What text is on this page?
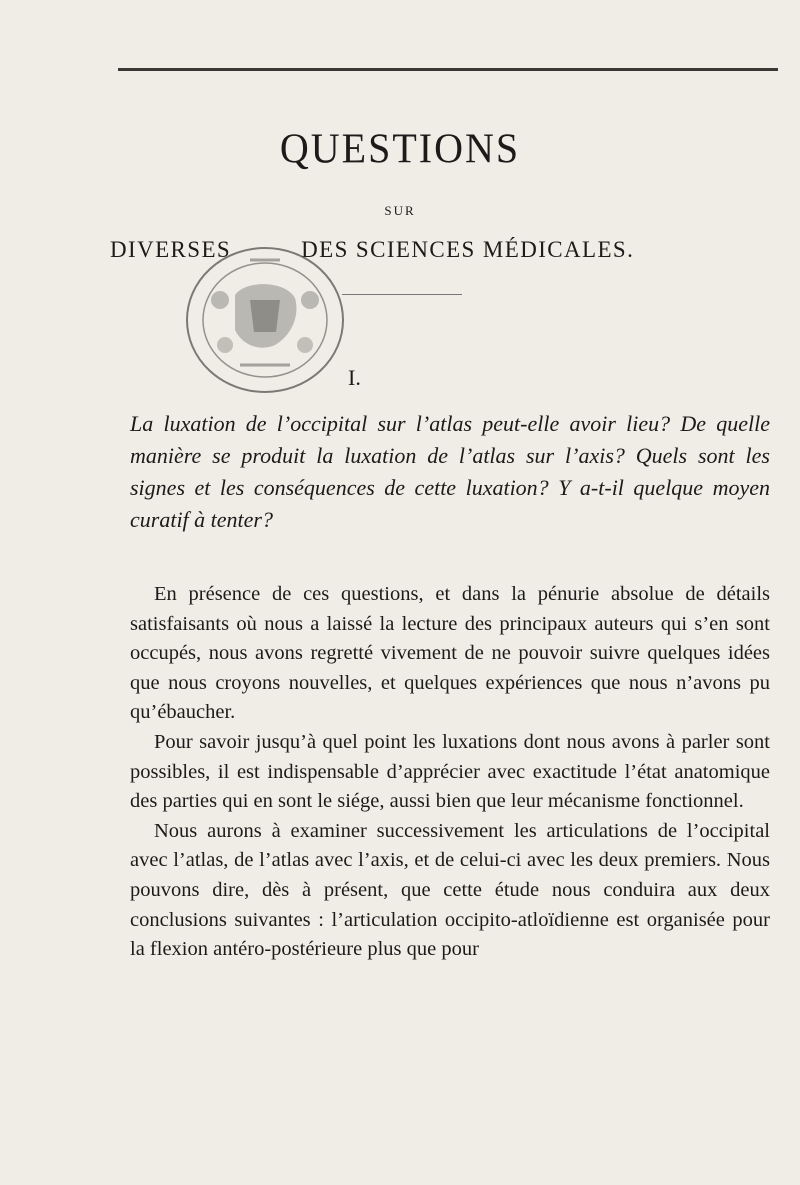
QUESTIONS
SUR
DIVERSES	DES SCIENCES MÉDICALES.
I.
La luxation de l’occipital sur l’atlas peut-elle avoir lieu? De quelle manière se produit la luxation de l’atlas sur l’axis? Quels sont les signes et les conséquences de cette luxation? Y a-t-il quelque moyen curatif à tenter?

En présence de ces questions, et dans la pénurie absolue de détails satisfaisants où nous a laissé la lecture des principaux auteurs qui s’en sont occupés, nous avons regretté vivement de ne pouvoir suivre quelques idées que nous croyons nouvelles, et quelques expériences que nous n’avons pu qu’ébaucher.

Pour savoir jusqu’à quel point les luxations dont nous avons à parler sont possibles, il est indispensable d’apprécier avec exactitude l’état anatomique des parties qui en sont le siége, aussi bien que leur mécanisme fonctionnel.

Nous aurons à examiner successivement les articulations de l’occipital avec l’atlas, de l’atlas avec l’axis, et de celui-ci avec les deux premiers. Nous pouvons dire, dès à présent, que cette étude nous conduira aux deux conclusions suivantes : l’articulation occipito-atloïdienne est organisée pour la flexion antéro-postérieure plus que pour
